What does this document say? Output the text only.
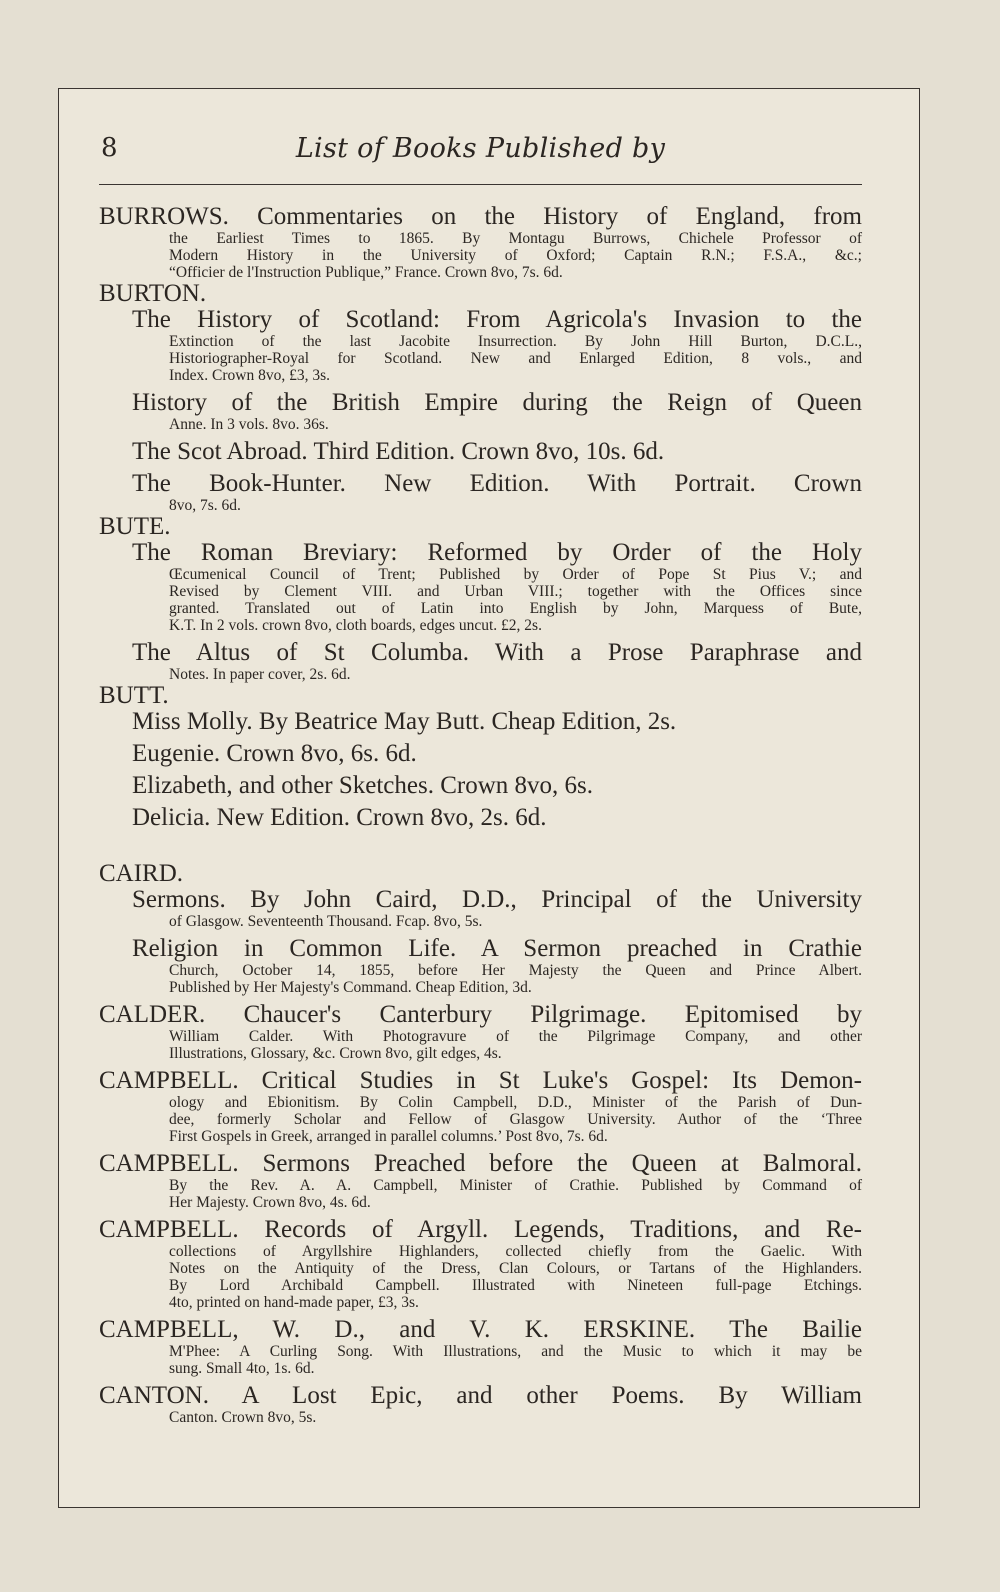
8	List of Books Published by
BURROWS. Commentaries on the History of England, from
the Earliest Times to 1865. By Montagu Burrows, Chichele Professor of
Modern History in the University of Oxford; Captain R.N.; F.S.A., &c.;
“Officier de l'Instruction Publique,” France. Crown 8vo, 7s. 6d.
BURTON.
The History of Scotland: From Agricola's Invasion to the
Extinction of the last Jacobite Insurrection. By John Hill Burton, D.C.L.,
Historiographer-Royal for Scotland. New and Enlarged Edition, 8 vols., and
Index. Crown 8vo, £3, 3s.
History of the British Empire during the Reign of Queen
Anne. In 3 vols. 8vo. 36s.
The Scot Abroad. Third Edition. Crown 8vo, 10s. 6d.
The Book-Hunter. New Edition. With Portrait. Crown
8vo, 7s. 6d.
BUTE.
The Roman Breviary: Reformed by Order of the Holy
Œcumenical Council of Trent; Published by Order of Pope St Pius V.; and
Revised by Clement VIII. and Urban VIII.; together with the Offices since
granted. Translated out of Latin into English by John, Marquess of Bute,
K.T. In 2 vols. crown 8vo, cloth boards, edges uncut. £2, 2s.
The Altus of St Columba. With a Prose Paraphrase and
Notes. In paper cover, 2s. 6d.
BUTT.
Miss Molly. By Beatrice May Butt. Cheap Edition, 2s.
Eugenie. Crown 8vo, 6s. 6d.
Elizabeth, and other Sketches. Crown 8vo, 6s.
Delicia. New Edition. Crown 8vo, 2s. 6d.
CAIRD.
Sermons. By John Caird, D.D., Principal of the University
of Glasgow. Seventeenth Thousand. Fcap. 8vo, 5s.
Religion in Common Life. A Sermon preached in Crathie
Church, October 14, 1855, before Her Majesty the Queen and Prince Albert.
Published by Her Majesty's Command. Cheap Edition, 3d.
CALDER. Chaucer's Canterbury Pilgrimage. Epitomised by
William Calder. With Photogravure of the Pilgrimage Company, and other
Illustrations, Glossary, &c. Crown 8vo, gilt edges, 4s.
CAMPBELL. Critical Studies in St Luke's Gospel: Its Demon-
ology and Ebionitism. By Colin Campbell, D.D., Minister of the Parish of Dun-
dee, formerly Scholar and Fellow of Glasgow University. Author of the ‘Three
First Gospels in Greek, arranged in parallel columns.’ Post 8vo, 7s. 6d.
CAMPBELL. Sermons Preached before the Queen at Balmoral.
By the Rev. A. A. Campbell, Minister of Crathie. Published by Command of
Her Majesty. Crown 8vo, 4s. 6d.
CAMPBELL. Records of Argyll. Legends, Traditions, and Re-
collections of Argyllshire Highlanders, collected chiefly from the Gaelic. With
Notes on the Antiquity of the Dress, Clan Colours, or Tartans of the Highlanders.
By Lord Archibald Campbell. Illustrated with Nineteen full-page Etchings.
4to, printed on hand-made paper, £3, 3s.
CAMPBELL, W. D., and V. K. ERSKINE. The Bailie
M'Phee: A Curling Song. With Illustrations, and the Music to which it may be
sung. Small 4to, 1s. 6d.
CANTON. A Lost Epic, and other Poems. By William
Canton. Crown 8vo, 5s.
